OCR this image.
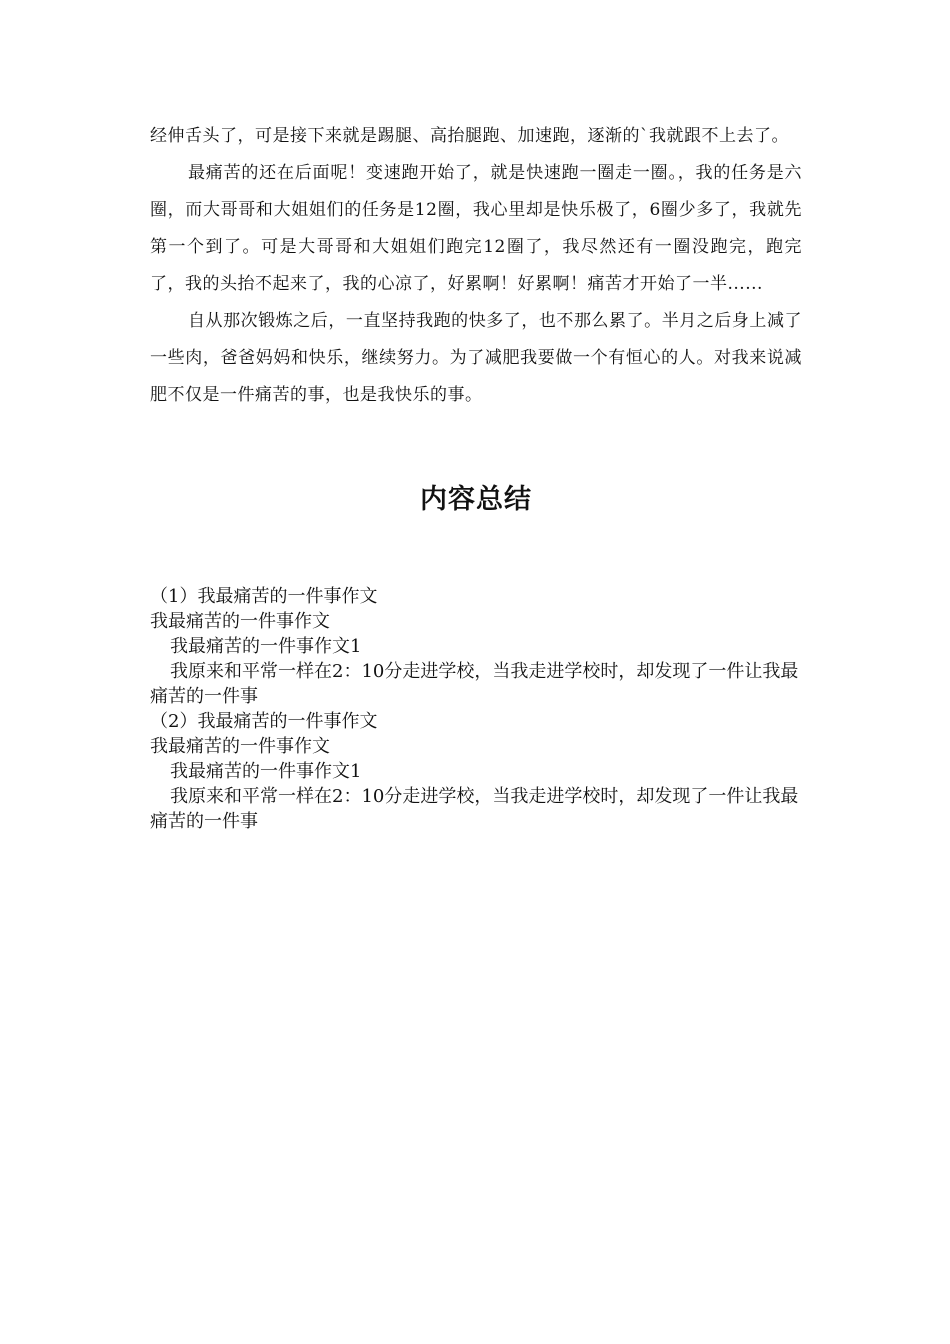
经伸舌头了，可是接下来就是踢腿、高抬腿跑、加速跑，逐渐的`我就跟不上去了。

最痛苦的还在后面呢！变速跑开始了，就是快速跑一圈走一圈。，我的任务是六圈，而大哥哥和大姐姐们的任务是12圈，我心里却是快乐极了，6圈少多了，我就先第一个到了。可是大哥哥和大姐姐们跑完12圈了，我尽然还有一圈没跑完，跑完了，我的头抬不起来了，我的心凉了，好累啊！好累啊！痛苦才开始了一半......

自从那次锻炼之后，一直坚持我跑的快多了，也不那么累了。半月之后身上减了一些肉，爸爸妈妈和快乐，继续努力。为了减肥我要做一个有恒心的人。对我来说减肥不仅是一件痛苦的事，也是我快乐的事。

内容总结

（1）我最痛苦的一件事作文

我最痛苦的一件事作文

我最痛苦的一件事作文1

我原来和平常一样在2：10分走进学校，当我走进学校时，却发现了一件让我最痛苦的一件事

（2）我最痛苦的一件事作文

我最痛苦的一件事作文

我最痛苦的一件事作文1

我原来和平常一样在2：10分走进学校，当我走进学校时，却发现了一件让我最痛苦的一件事
